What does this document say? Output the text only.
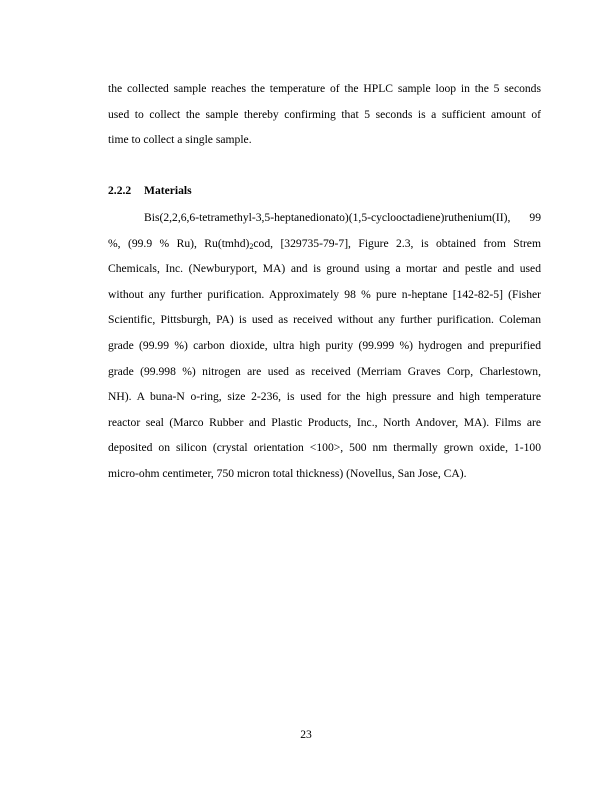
the collected sample reaches the temperature of the HPLC sample loop in the 5 seconds
used to collect the sample thereby confirming that 5 seconds is a sufficient amount of
time to collect a single sample.
2.2.2 Materials
Bis(2,2,6,6-tetramethyl-3,5-heptanedionato)(1,5-cyclooctadiene)ruthenium(II), 99
%, (99.9 % Ru), $Ru(tmhd)_2cod$, [329735-79-7], Figure 2.3, is obtained from Strem
Chemicals, Inc. (Newburyport, MA) and is ground using a mortar and pestle and used
without any further purification. Approximately 98 % pure n-heptane [142-82-5] (Fisher
Scientific, Pittsburgh, PA) is used as received without any further purification. Coleman
grade (99.99 %) carbon dioxide, ultra high purity (99.999 %) hydrogen and prepurified
grade (99.998 %) nitrogen are used as received (Merriam Graves Corp, Charlestown,
NH). A buna-N o-ring, size 2-236, is used for the high pressure and high temperature
reactor seal (Marco Rubber and Plastic Products, Inc., North Andover, MA). Films are
deposited on silicon (crystal orientation <100>, 500 nm thermally grown oxide, 1-100
micro-ohm centimeter, 750 micron total thickness) (Novellus, San Jose, CA).
23
